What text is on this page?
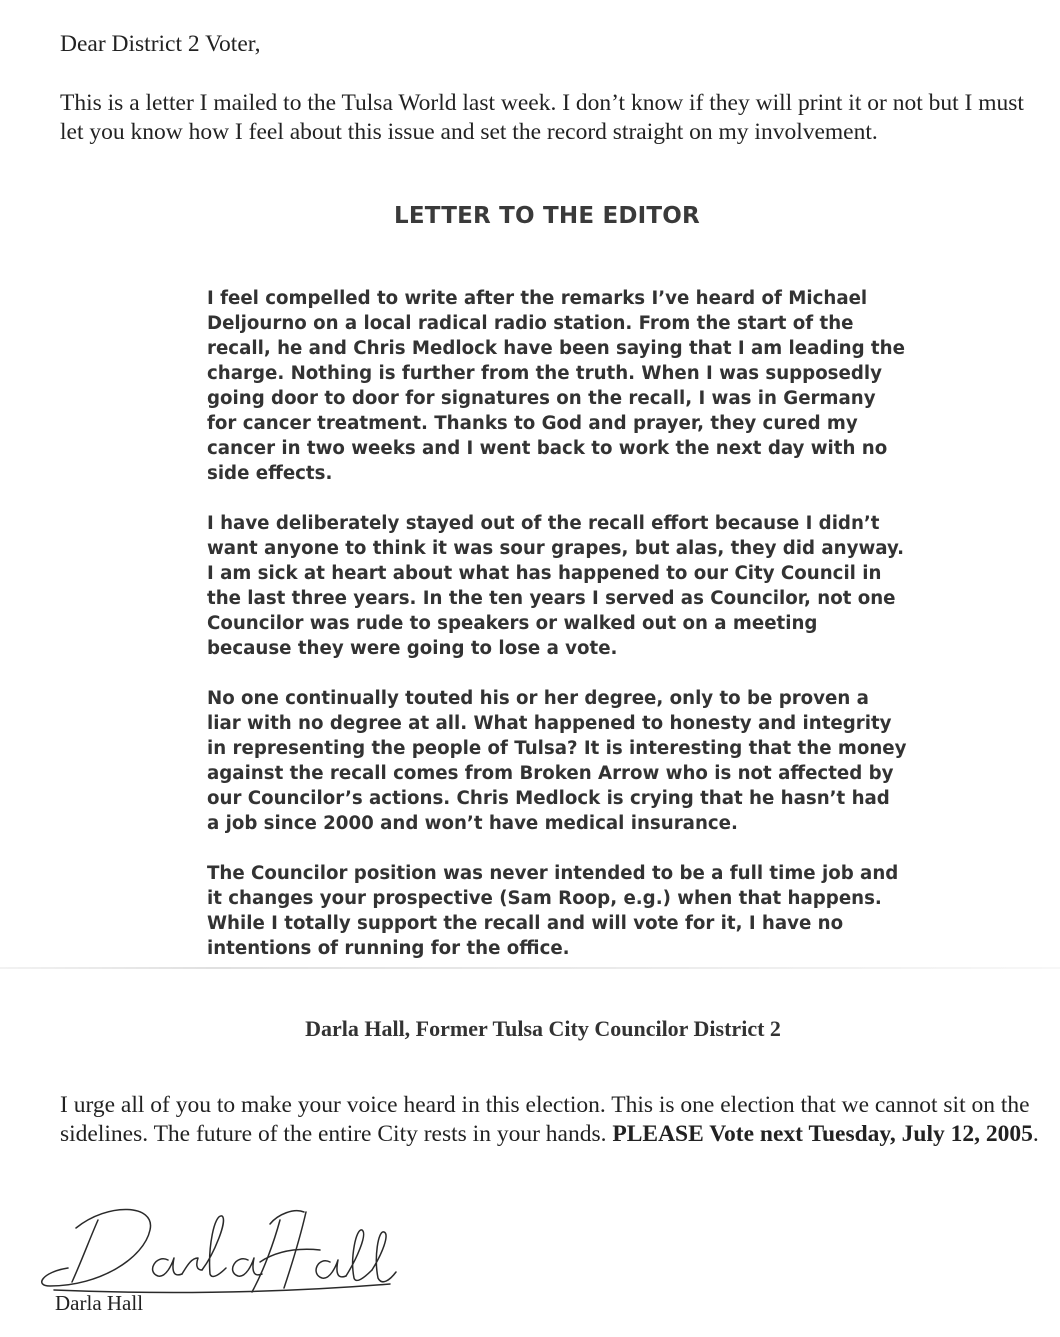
Dear District 2 Voter,
This is a letter I mailed to the Tulsa World last week. I don’t know if they will print it or not but I must let you know how I feel about this issue and set the record straight on my involvement.
LETTER TO THE EDITOR

I feel compelled to write after the remarks I’ve heard of Michael Deljourno on a local radical radio station. From the start of the recall, he and Chris Medlock have been saying that I am leading the charge. Nothing is further from the truth. When I was supposedly going door to door for signatures on the recall, I was in Germany for cancer treatment. Thanks to God and prayer, they cured my cancer in two weeks and I went back to work the next day with no side effects.

I have deliberately stayed out of the recall effort because I didn’t want anyone to think it was sour grapes, but alas, they did anyway. I am sick at heart about what has happened to our City Council in the last three years. In the ten years I served as Councilor, not one Councilor was rude to speakers or walked out on a meeting because they were going to lose a vote.

No one continually touted his or her degree, only to be proven a liar with no degree at all. What happened to honesty and integrity in representing the people of Tulsa? It is interesting that the money against the recall comes from Broken Arrow who is not affected by our Councilor’s actions. Chris Medlock is crying that he hasn’t had a job since 2000 and won’t have medical insurance.

The Councilor position was never intended to be a full time job and it changes your prospective (Sam Roop, e.g.) when that happens. While I totally support the recall and will vote for it, I have no intentions of running for the office.

Darla Hall, Former Tulsa City Councilor District 2
I urge all of you to make your voice heard in this election. This is one election that we cannot sit on the sidelines. The future of the entire City rests in your hands. PLEASE Vote next Tuesday, July 12, 2005.
Darla Hall
